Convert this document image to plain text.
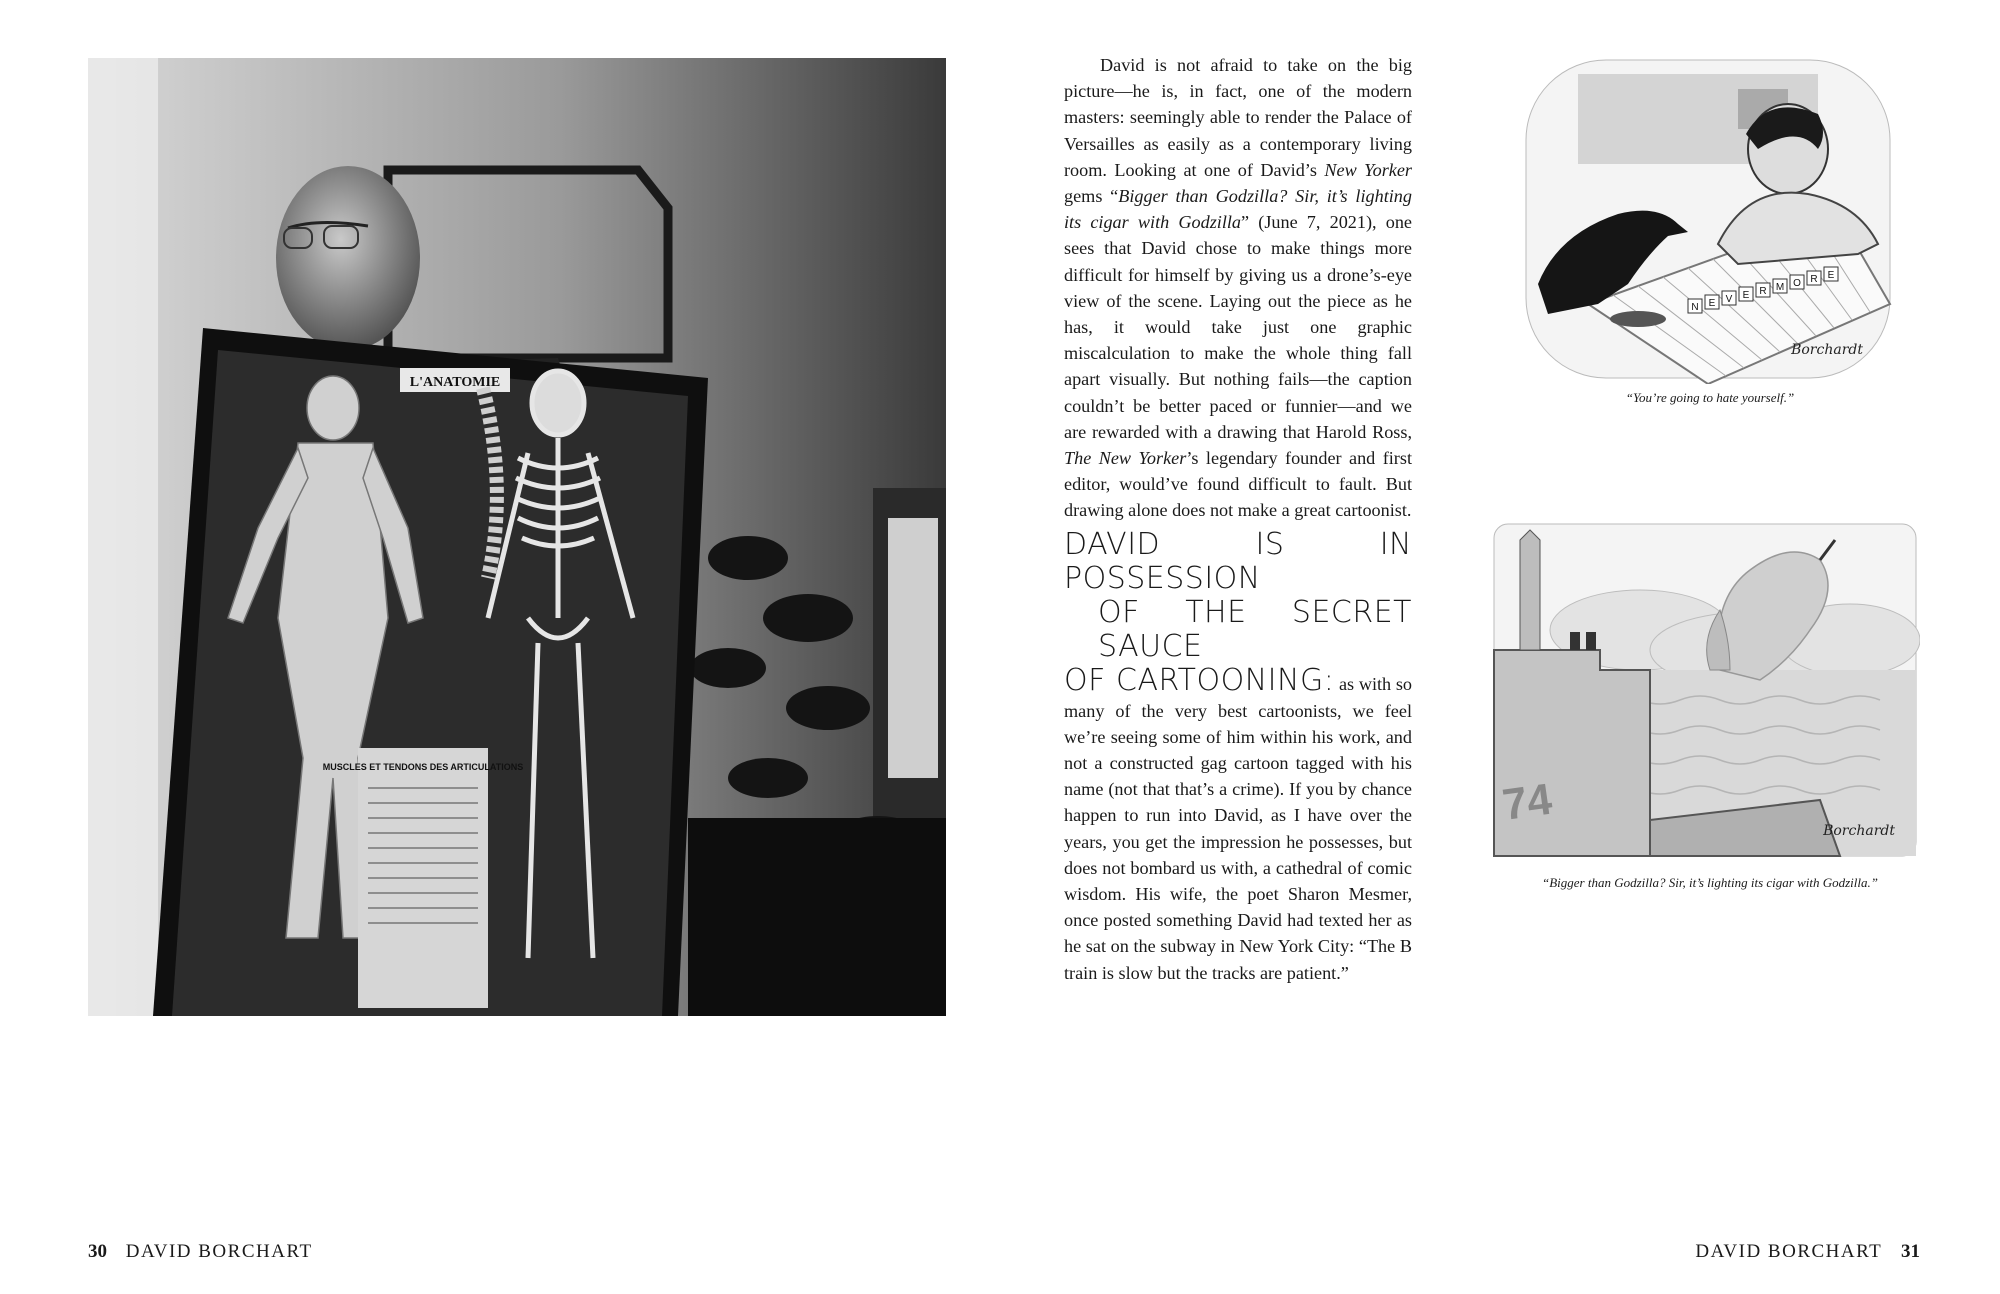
L'ANATOMIE
MUSCLES ET TENDONS DES ARTICULATIONS

David is not afraid to take on the big picture—he is, in fact, one of the modern masters: seemingly able to render the Palace of Versailles as easily as a contemporary living room. Looking at one of David’s New Yorker gems “Bigger than Godzilla? Sir, it’s lighting its cigar with Godzilla” (June 7, 2021), one sees that David chose to make things more difficult for himself by giving us a drone’s-eye view of the scene. Laying out the piece as he has, it would take just one graphic miscalculation to make the whole thing fall apart visually. But nothing fails—the caption couldn’t be better paced or funnier—and we are rewarded with a drawing that Harold Ross, The New Yorker’s legendary founder and first editor, would’ve found difficult to fault. But drawing alone does not make a great cartoonist.

DAVID IS IN POSSESSION
OF THE SECRET SAUCE
OF CARTOONING: as with so many of the very best cartoonists, we feel we’re seeing some of him within his work, and not a constructed gag cartoon tagged with his name (not that that’s a crime). If you by chance happen to run into David, as I have over the years, you get the impression he possesses, but does not bombard us with, a cathedral of comic wisdom. His wife, the poet Sharon Mesmer, once posted something David had texted her as he sat on the subway in New York City: “The B train is slow but the tracks are patient.”

N E V E R M O R E
Borchardt
“You’re going to hate yourself.”
74
Borchardt
“Bigger than Godzilla? Sir, it’s lighting its cigar with Godzilla.”
30 DAVID BORCHART	DAVID BORCHART 31
